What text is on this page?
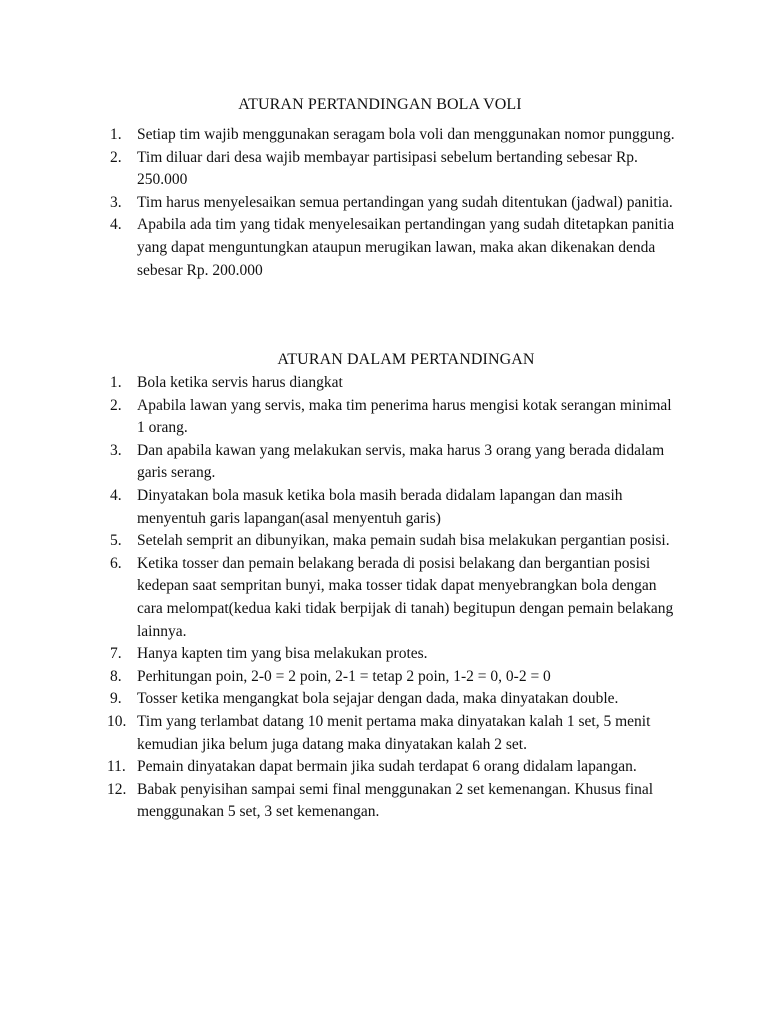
ATURAN PERTANDINGAN BOLA VOLI
1. Setiap tim wajib menggunakan seragam bola voli dan menggunakan nomor punggung.
2. Tim diluar dari desa wajib membayar partisipasi sebelum bertanding sebesar Rp. 250.000
3. Tim harus menyelesaikan semua pertandingan yang sudah ditentukan (jadwal) panitia.
4. Apabila ada tim yang tidak menyelesaikan pertandingan yang sudah ditetapkan panitia yang dapat menguntungkan ataupun merugikan lawan, maka akan dikenakan denda sebesar Rp. 200.000
ATURAN DALAM PERTANDINGAN
1. Bola ketika servis harus diangkat
2. Apabila lawan yang servis, maka tim penerima harus mengisi kotak serangan minimal 1 orang.
3. Dan apabila kawan yang melakukan servis, maka harus 3 orang yang berada didalam garis serang.
4. Dinyatakan bola masuk ketika bola masih berada didalam lapangan dan masih menyentuh garis lapangan(asal menyentuh garis)
5. Setelah semprit an dibunyikan, maka pemain sudah bisa melakukan pergantian posisi.
6. Ketika tosser dan pemain belakang berada di posisi belakang dan bergantian posisi kedepan saat sempritan bunyi, maka tosser tidak dapat menyebrangkan bola dengan cara melompat(kedua kaki tidak berpijak di tanah) begitupun dengan pemain belakang lainnya.
7. Hanya kapten tim yang bisa melakukan protes.
8. Perhitungan poin, 2-0 = 2 poin, 2-1 = tetap 2 poin, 1-2 = 0, 0-2 = 0
9. Tosser ketika mengangkat bola sejajar dengan dada, maka dinyatakan double.
10. Tim yang terlambat datang 10 menit pertama maka dinyatakan kalah 1 set, 5 menit kemudian jika belum juga datang maka dinyatakan kalah 2 set.
11. Pemain dinyatakan dapat bermain jika sudah terdapat 6 orang didalam lapangan.
12. Babak penyisihan sampai semi final menggunakan 2 set kemenangan. Khusus final menggunakan 5 set, 3 set kemenangan.
